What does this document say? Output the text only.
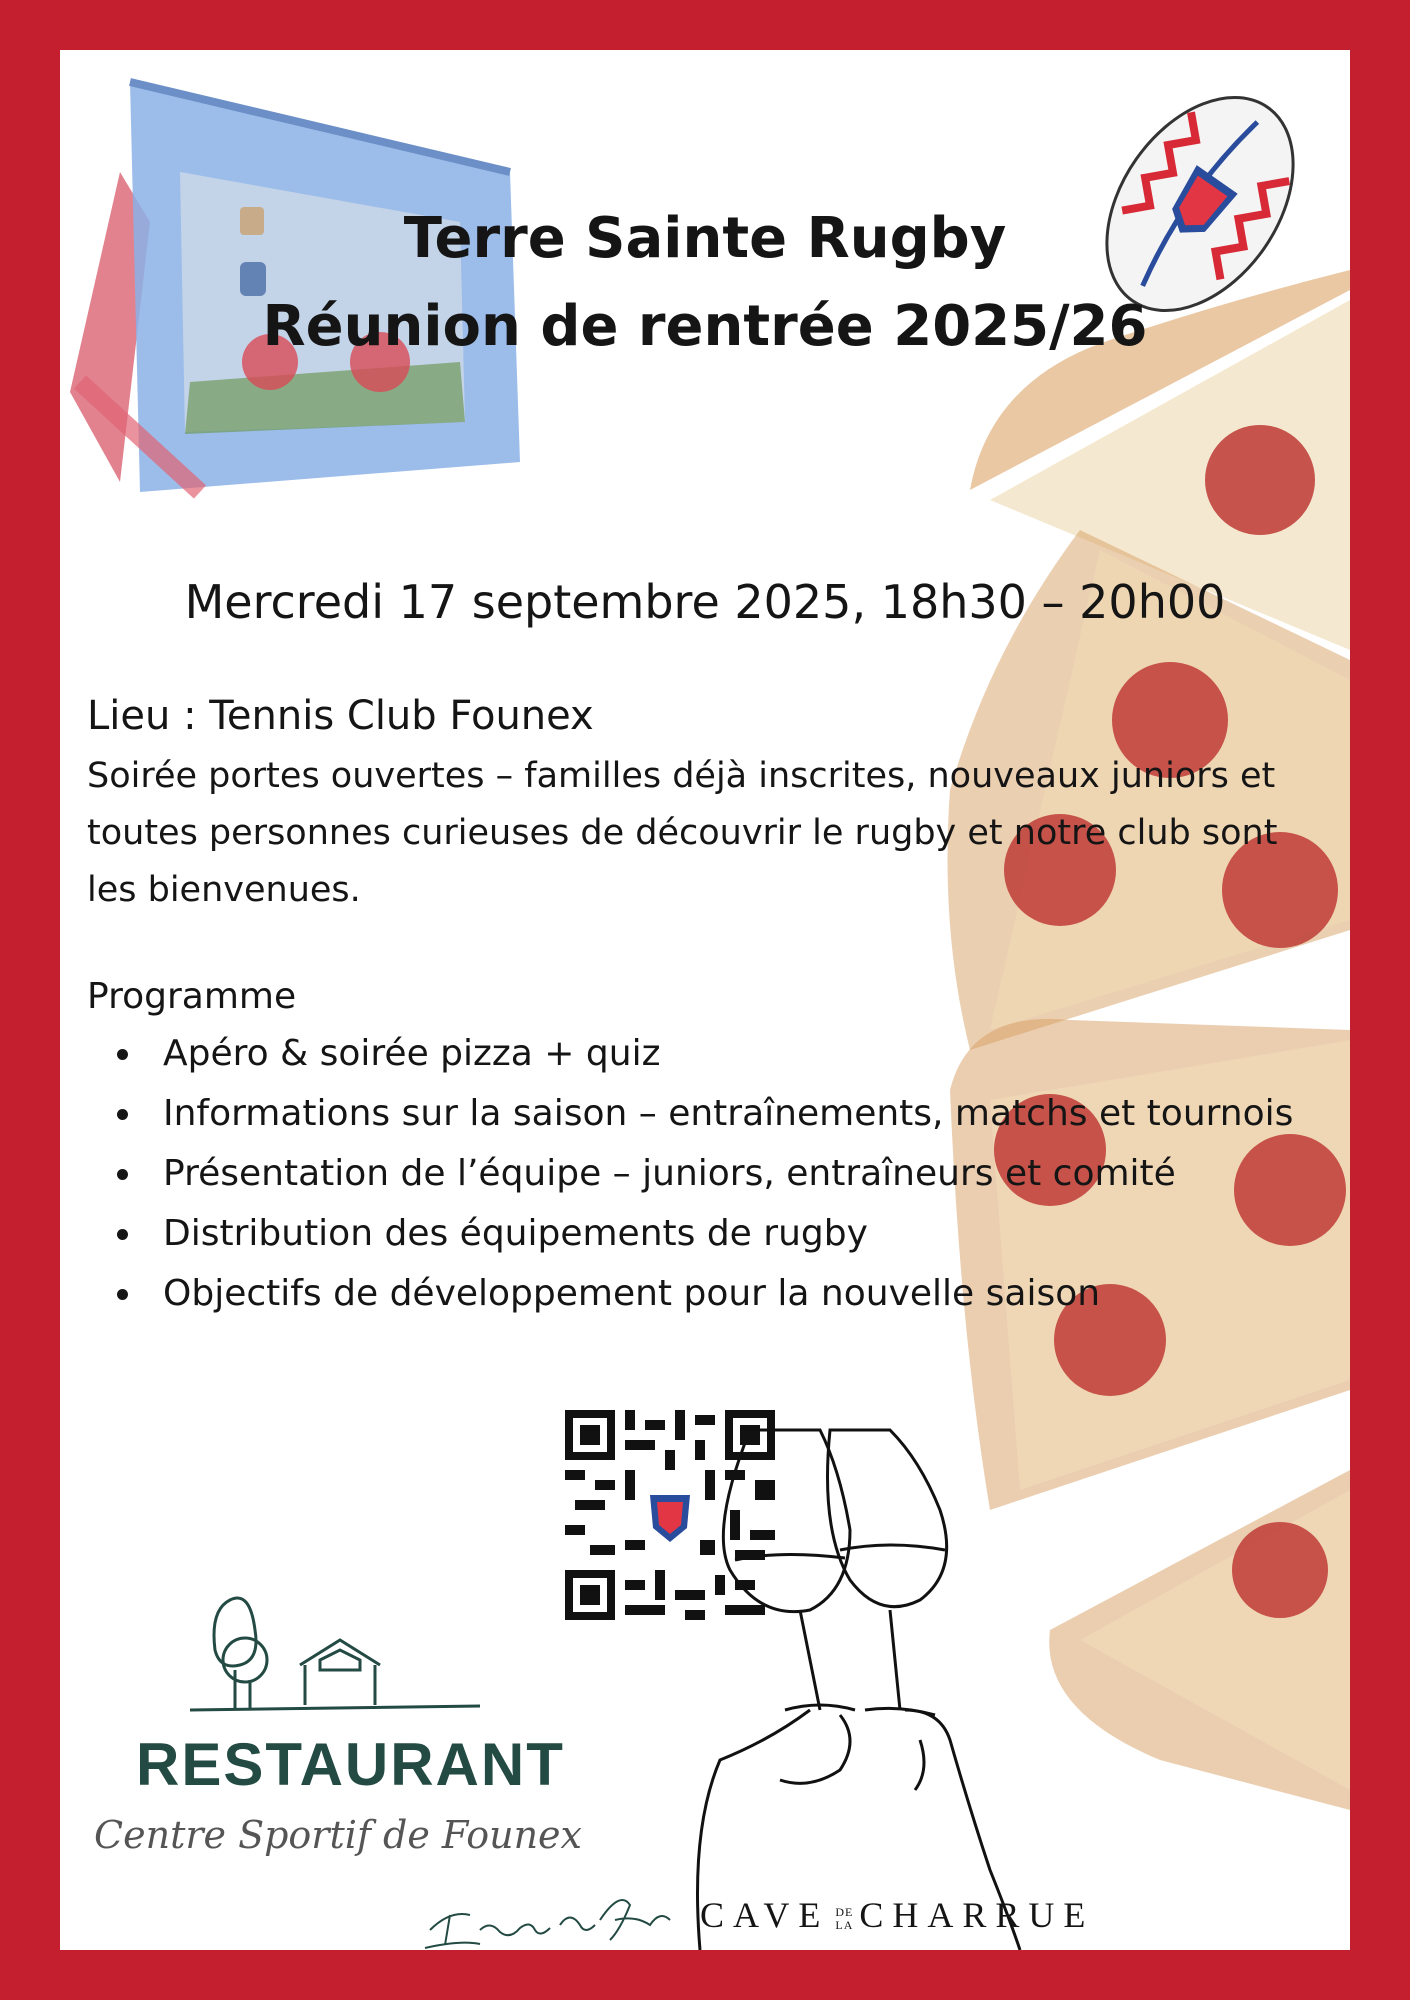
Terre Sainte Rugby
Réunion de rentrée 2025/26
Mercredi 17 septembre 2025, 18h30 – 20h00
Lieu : Tennis Club Founex
Soirée portes ouvertes – familles déjà inscrites, nouveaux juniors et toutes personnes curieuses de découvrir le rugby et notre club sont les bienvenues.
Programme
Apéro & soirée pizza + quiz
Informations sur la saison – entraînements, matchs et tournois
Présentation de l’équipe – juniors, entraîneurs et comité
Distribution des équipements de rugby
Objectifs de développement pour la nouvelle saison
RESTAURANT
Centre Sportif de Founex
CAVE DE
LA CHARRUE
